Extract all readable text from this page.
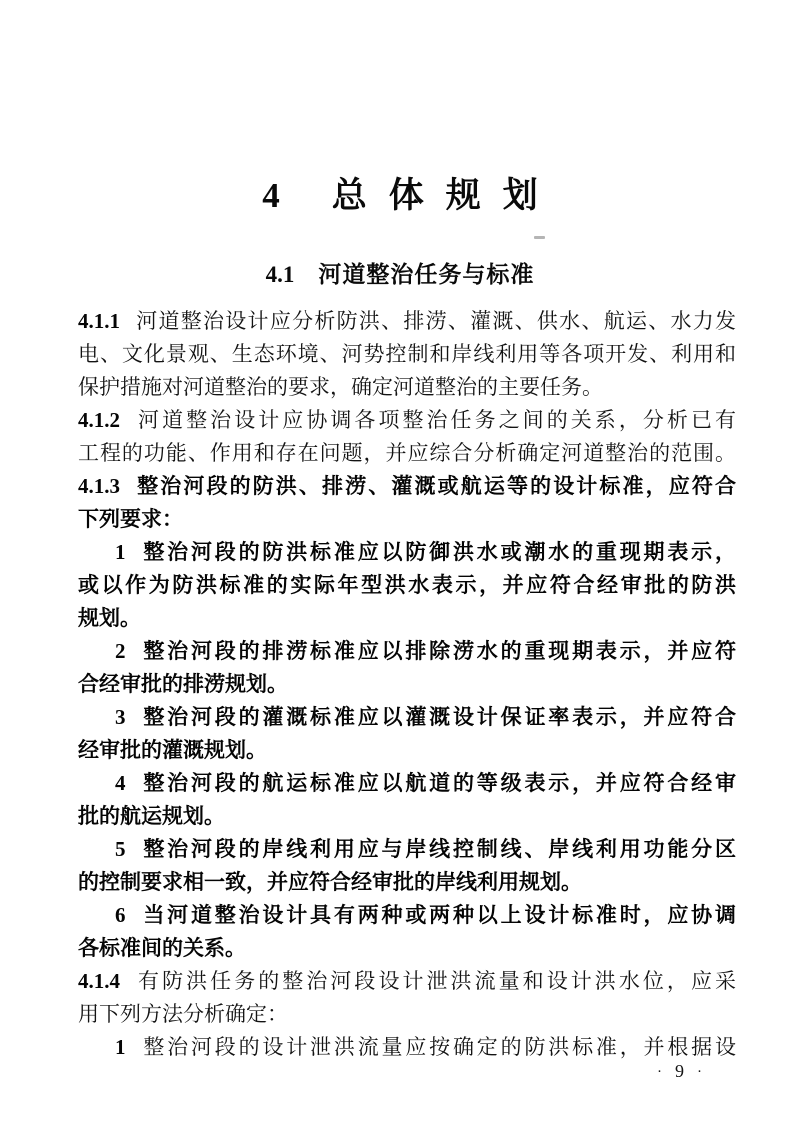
4 总体规划
4.1 河道整治任务与标准
4.1.1 河道整治设计应分析防洪、排涝、灌溉、供水、航运、水力发
电、文化景观、生态环境、河势控制和岸线利用等各项开发、利用和
保护措施对河道整治的要求，确定河道整治的主要任务。
4.1.2 河道整治设计应协调各项整治任务之间的关系，分析已有
工程的功能、作用和存在问题，并应综合分析确定河道整治的范围。
4.1.3 整治河段的防洪、排涝、灌溉或航运等的设计标准，应符合
下列要求：
1 整治河段的防洪标准应以防御洪水或潮水的重现期表示，
或以作为防洪标准的实际年型洪水表示，并应符合经审批的防洪
规划。
2 整治河段的排涝标准应以排除涝水的重现期表示，并应符
合经审批的排涝规划。
3 整治河段的灌溉标准应以灌溉设计保证率表示，并应符合
经审批的灌溉规划。
4 整治河段的航运标准应以航道的等级表示，并应符合经审
批的航运规划。
5 整治河段的岸线利用应与岸线控制线、岸线利用功能分区
的控制要求相一致，并应符合经审批的岸线利用规划。
6 当河道整治设计具有两种或两种以上设计标准时，应协调
各标准间的关系。
4.1.4 有防洪任务的整治河段设计泄洪流量和设计洪水位，应采
用下列方法分析确定：
1 整治河段的设计泄洪流量应按确定的防洪标准，并根据设
· 9 ·
